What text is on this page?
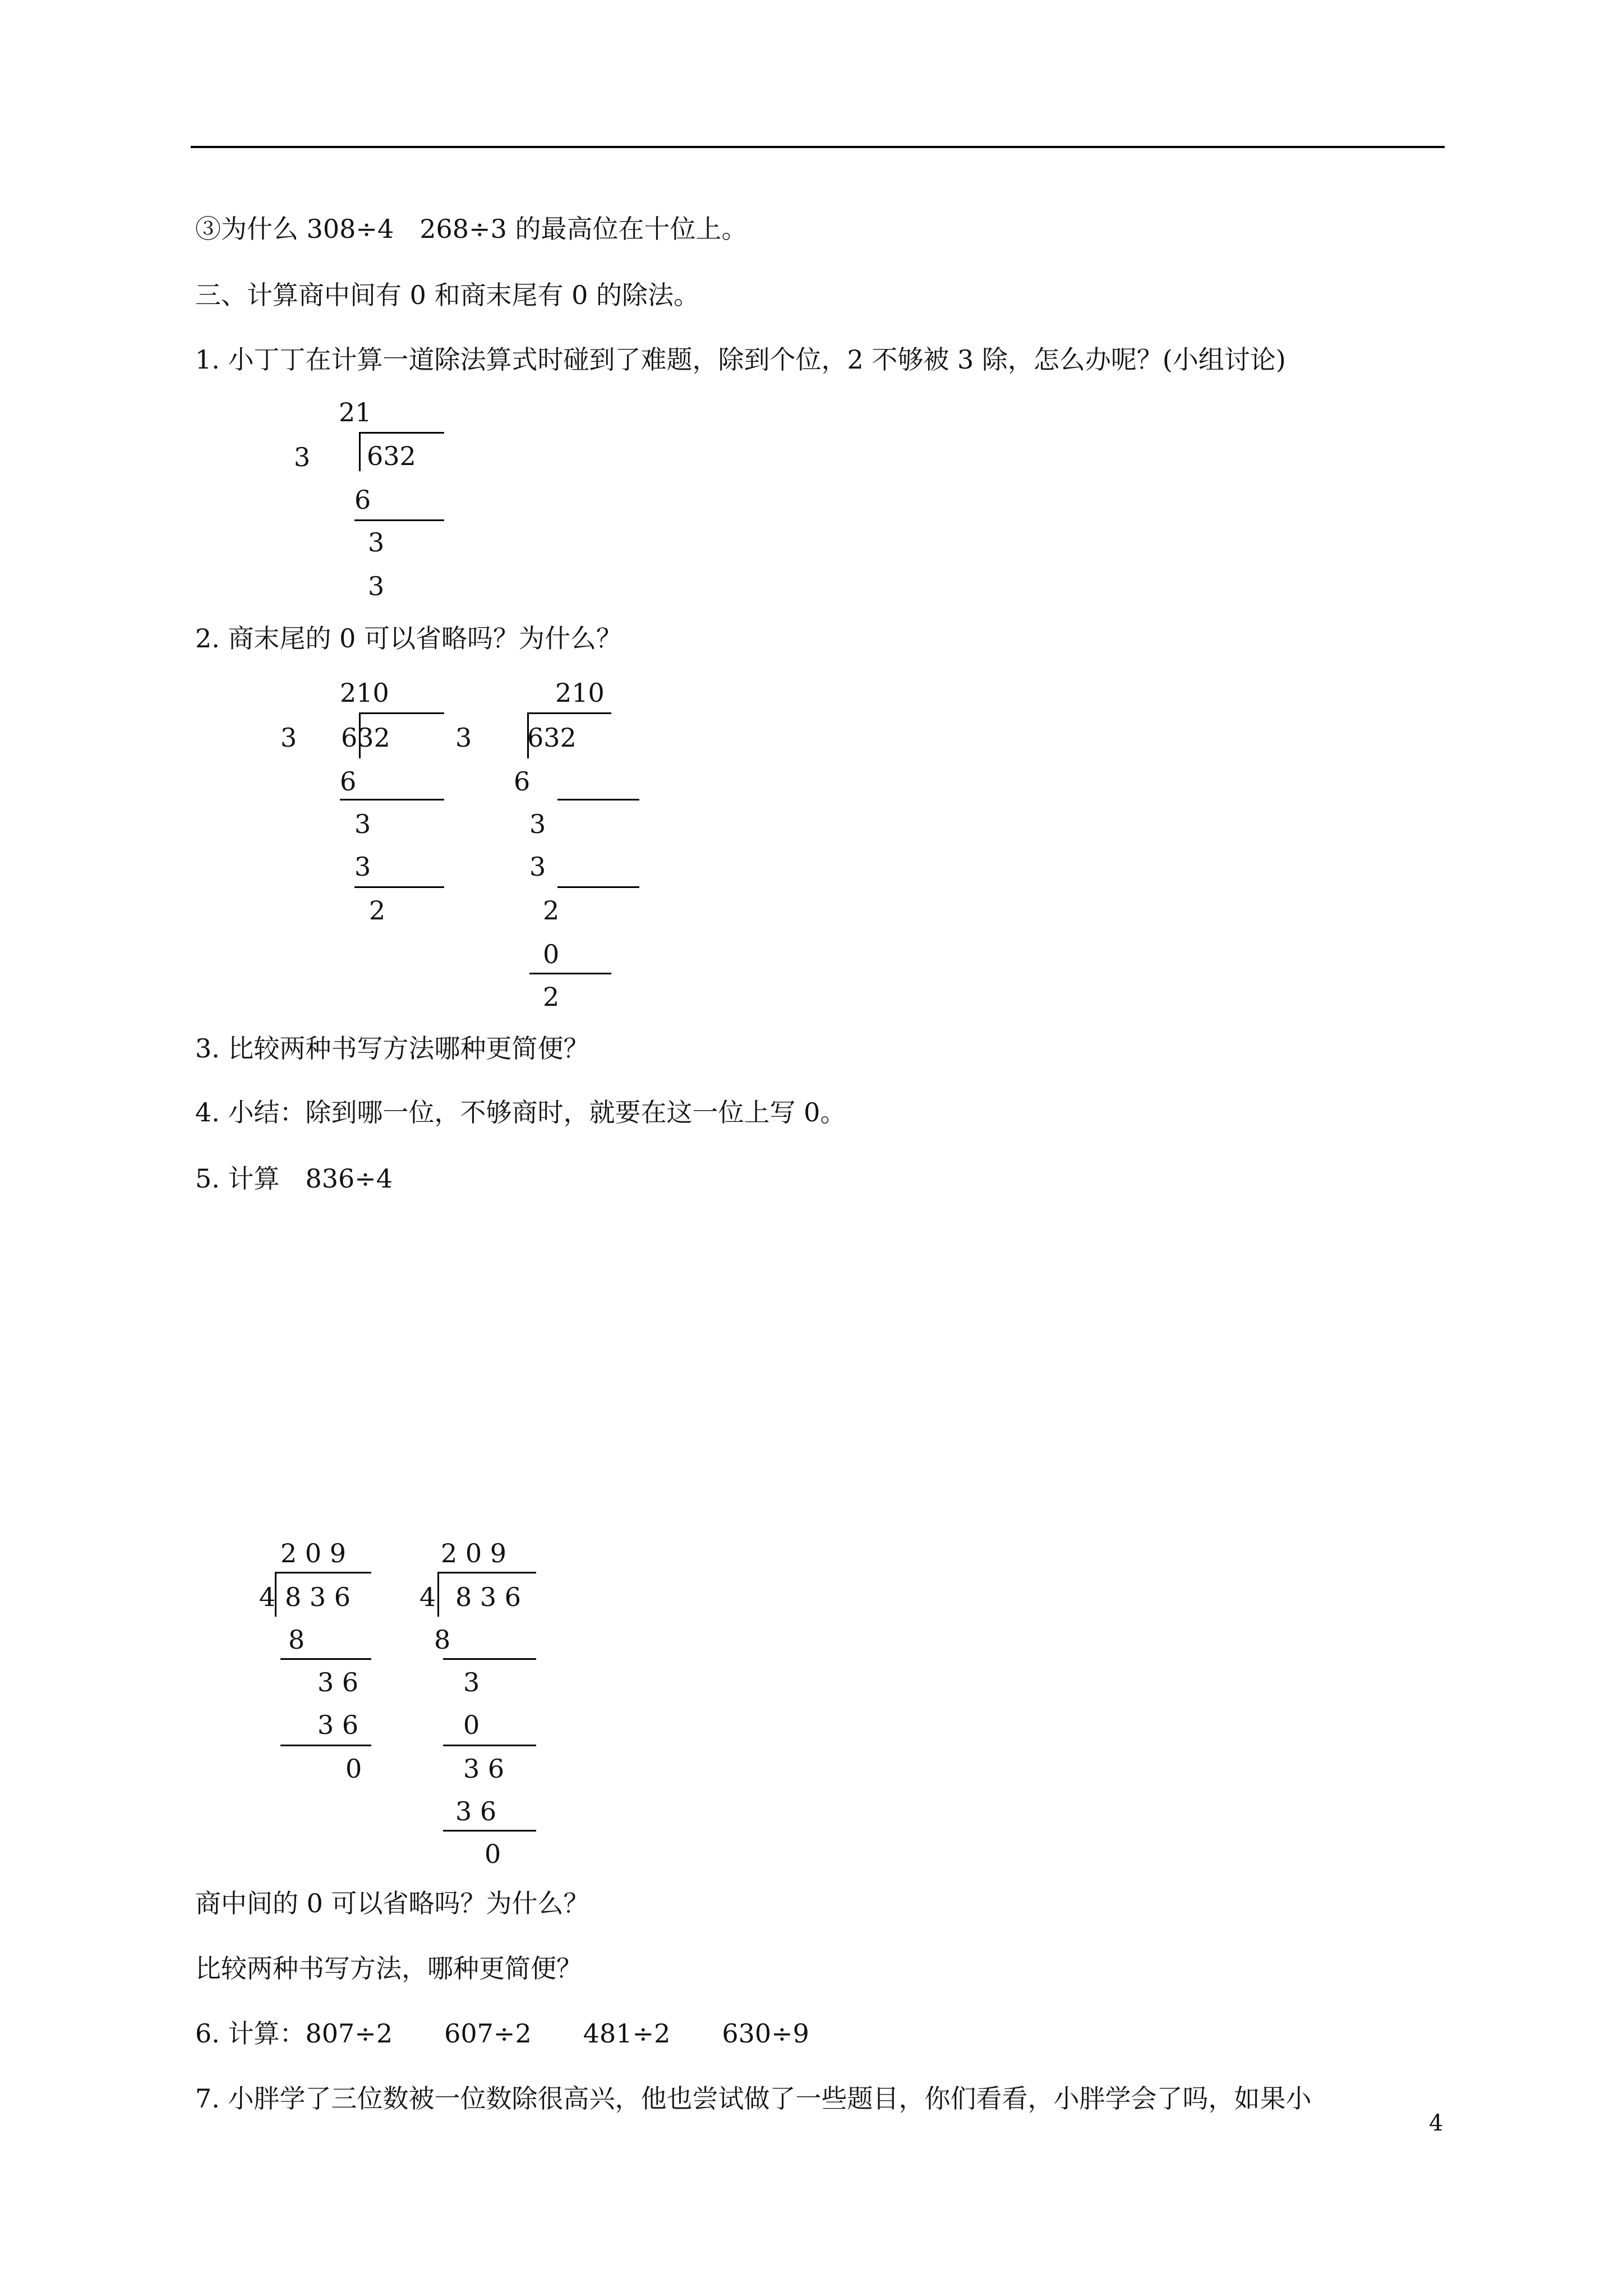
③为什么 308÷4　268÷3 的最高位在十位上。
三、计算商中间有 0 和商末尾有 0 的除法。
1. 小丁丁在计算一道除法算式时碰到了难题，除到个位，2 不够被 3 除，怎么办呢？(小组讨论)
21
3 632
6
3
3
2. 商末尾的 0 可以省略吗？为什么？
210
3 632
6
3
3
2
210
3 632
6
3
3
2
0
2
3. 比较两种书写方法哪种更简便？
4. 小结：除到哪一位，不够商时，就要在这一位上写 0。
5. 计算　836÷4
2 0 9
4 8 3 6
8
3 6
3 6
0
2 0 9
4 8 3 6
8
3
0
3 6
3 6
0
商中间的 0 可以省略吗？为什么？
比较两种书写方法，哪种更简便？
6. 计算：807÷2　　607÷2　　481÷2　　630÷9
7. 小胖学了三位数被一位数除很高兴，他也尝试做了一些题目，你们看看，小胖学会了吗，如果小
4
